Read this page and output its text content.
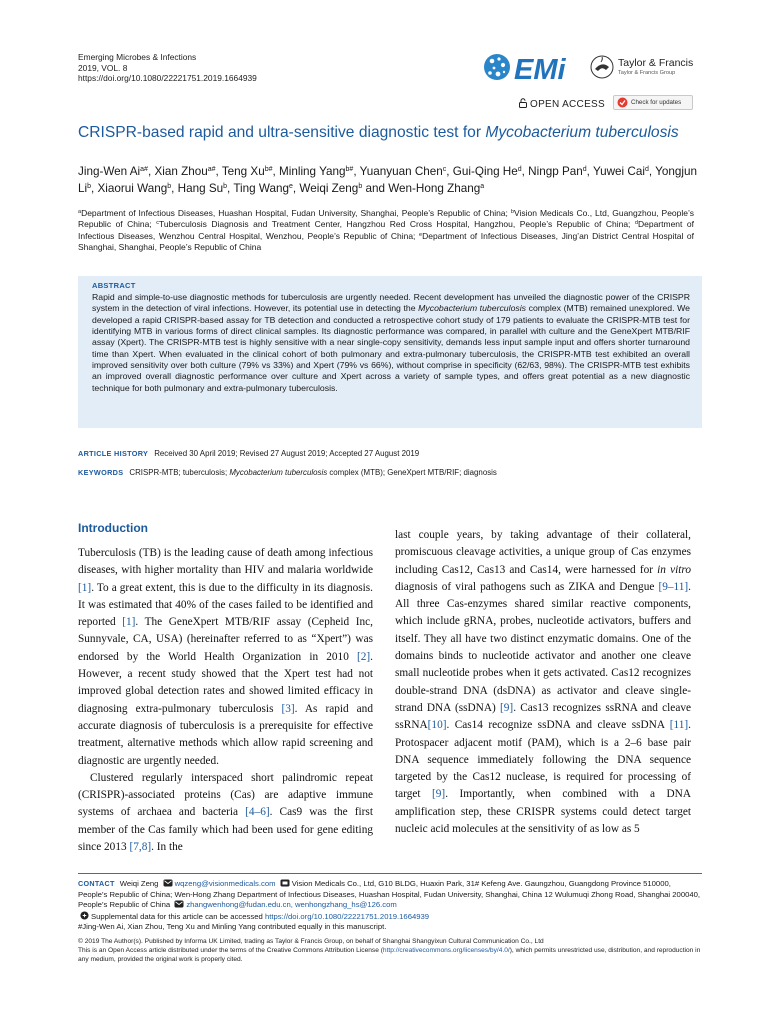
Emerging Microbes & Infections
2019, VOL. 8
https://doi.org/10.1080/22221751.2019.1664939	EMi	Taylor & Francis
Taylor & Francis Group
OPEN ACCESS	Check for updates
CRISPR-based rapid and ultra-sensitive diagnostic test for Mycobacterium tuberculosis
Jing-Wen $Ai^{a\#}$, Xian Zhou$^{a\#}$, Teng $Xu^{b\#}$, Minling Yang$^{b\#}$, Yuanyuan Chen$^c$, Gui-Qing He$^d$, Ningp Pan$^d$, Yuwei Cai$^d$, Yongjun Li$^b$, Xiaorui Wang$^b$, Hang Su$^b$, Ting Wang$^e$, Weiqi Zeng$^b$ and Wen-Hong Zhang$^a$
$^a$Department of Infectious Diseases, Huashan Hospital, Fudan University, Shanghai, People’s Republic of China; $^b$Vision Medicals Co., Ltd, Guangzhou, People’s Republic of China; $^c$Tuberculosis Diagnosis and Treatment Center, Hangzhou Red Cross Hospital, Hangzhou, People’s Republic of China; $^d$Department of Infectious Diseases, Wenzhou Central Hospital, Wenzhou, People’s Republic of China; $^e$Department of Infectious Diseases, Jing’an District Central Hospital of Shanghai, Shanghai, People’s Republic of China
ABSTRACT
Rapid and simple-to-use diagnostic methods for tuberculosis are urgently needed. Recent development has unveiled the diagnostic power of the CRISPR system in the detection of viral infections. However, its potential use in detecting the Mycobacterium tuberculosis complex (MTB) remained unexplored. We developed a rapid CRISPR-based assay for TB detection and conducted a retrospective cohort study of 179 patients to evaluate the CRISPR-MTB test for identifying MTB in various forms of direct clinical samples. Its diagnostic performance was compared, in parallel with culture and the GeneXpert MTB/RIF assay (Xpert). The CRISPR-MTB test is highly sensitive with a near single-copy sensitivity, demands less input sample input and offers shorter turnaround time than Xpert. When evaluated in the clinical cohort of both pulmonary and extra-pulmonary tuberculosis, the CRISPR-MTB test exhibited an overall improved sensitivity over both culture (79% vs 33%) and Xpert (79% vs 66%), without comprise in specificity (62/63, 98%). The CRISPR-MTB test exhibits an improved overall diagnostic performance over culture and Xpert across a variety of sample types, and offers great potential as a new diagnostic technique for both pulmonary and extra-pulmonary tuberculosis.
ARTICLE HISTORY Received 30 April 2019; Revised 27 August 2019; Accepted 27 August 2019
KEYWORDS CRISPR-MTB; tuberculosis; Mycobacterium tuberculosis complex (MTB); GeneXpert MTB/RIF; diagnosis
Introduction

Tuberculosis (TB) is the leading cause of death among infectious diseases, with higher mortality than HIV and malaria worldwide [1]. To a great extent, this is due to the difficulty in its diagnosis. It was estimated that 40% of the cases failed to be identified and reported [1]. The GeneXpert MTB/RIF assay (Cepheid Inc, Sunnyvale, CA, USA) (hereinafter referred to as “Xpert”) was endorsed by the World Health Organization in 2010 [2]. However, a recent study showed that the Xpert test had not improved global detection rates and showed limited efficacy in diagnosing extra-pulmonary tuberculosis [3]. As rapid and accurate diagnosis of tuberculosis is a prerequisite for effective treatment, alternative methods which allow rapid screening and diagnostic are urgently needed.

Clustered regularly interspaced short palindromic repeat (CRISPR)-associated proteins (Cas) are adaptive immune systems of archaea and bacteria [4–6]. Cas9 was the first member of the Cas family which had been used for gene editing since 2013 [7,8]. In the

last couple years, by taking advantage of their collateral, promiscuous cleavage activities, a unique group of Cas enzymes including Cas12, Cas13 and Cas14, were harnessed for in vitro diagnosis of viral pathogens such as ZIKA and Dengue [9–11]. All three Cas-enzymes shared similar reactive components, which include gRNA, probes, nucleotide activators, buffers and itself. They all have two distinct enzymatic domains. One of the domains binds to nucleotide activator and another one cleave small nucleotide probes when it gets activated. Cas12 recognizes double-strand DNA (dsDNA) as activator and cleave single-strand DNA (ssDNA) [9]. Cas13 recognizes ssRNA and cleave ssRNA[10]. Cas14 recognize ssDNA and cleave ssDNA [11]. Protospacer adjacent motif (PAM), which is a 2–6 base pair DNA sequence immediately following the DNA sequence targeted by the Cas12 nuclease, is required for processing of target [9]. Importantly, when combined with a DNA amplification step, these CRISPR systems could detect target nucleic acid molecules at the sensitivity of as low as 5

CONTACT Weiqi Zeng wqzeng@visionmedicals.com Vision Medicals Co., Ltd, G10 BLDG, Huaxin Park, 31# Kefeng Ave. Gaungzhou, Guangdong Province 510000, People’s Republic of China; Wen-Hong Zhang Department of Infectious Diseases, Huashan Hospital, Fudan University, Shanghai, China 12 Wulumuqi Zhong Road, Shanghai 200040, People’s Republic of China zhangwenhong@fudan.edu.cn, wenhongzhang_hs@126.com
Supplemental data for this article can be accessed https://doi.org/10.1080/22221751.2019.1664939
#Jing-Wen Ai, Xian Zhou, Teng Xu and Minling Yang contributed equally in this manuscript.
© 2019 The Author(s). Published by Informa UK Limited, trading as Taylor & Francis Group, on behalf of Shanghai Shangyixun Cultural Communication Co., Ltd
This is an Open Access article distributed under the terms of the Creative Commons Attribution License (http://creativecommons.org/licenses/by/4.0/), which permits unrestricted use, distribution, and reproduction in any medium, provided the original work is properly cited.
